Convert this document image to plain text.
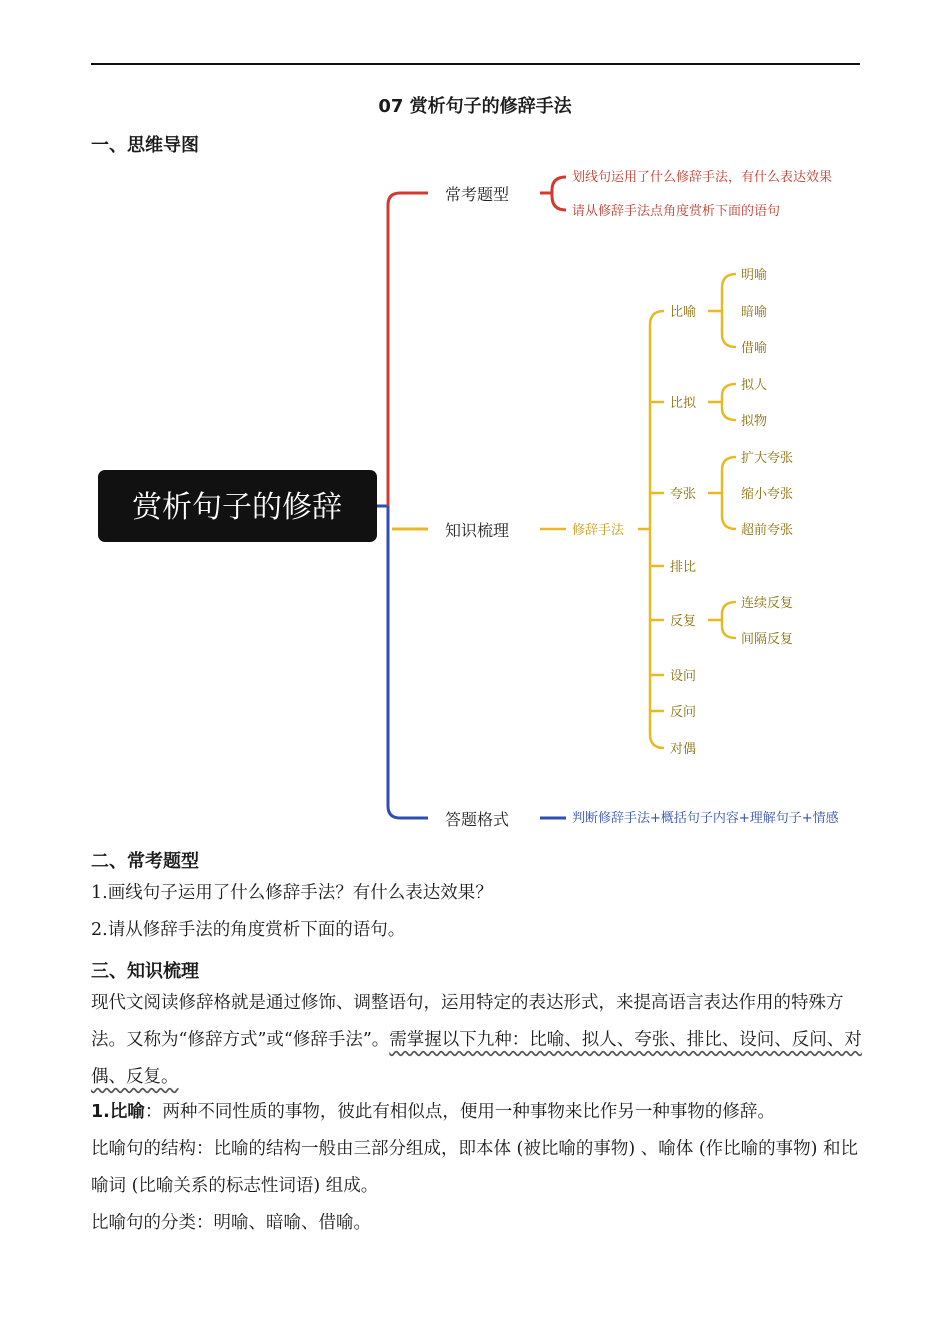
07 赏析句子的修辞手法
一、思维导图
赏析句子的修辞
常考题型
知识梳理
答题格式
划线句运用了什么修辞手法，有什么表达效果
请从修辞手法点角度赏析下面的语句
判断修辞手法+概括句子内容+理解句子+情感
修辞手法
比喻
比拟
夸张
排比
反复
设问
反问
对偶
明喻
暗喻
借喻
拟人
拟物
扩大夸张
缩小夸张
超前夸张
连续反复
间隔反复
二、常考题型
1.画线句子运用了什么修辞手法？有什么表达效果？
2.请从修辞手法的角度赏析下面的语句。
三、知识梳理
现代文阅读修辞格就是通过修饰、调整语句，运用特定的表达形式，来提高语言表达作用的特殊方法。又称为“修辞方式”或“修辞手法”。需掌握以下九种：比喻、拟人、夸张、排比、设问、反问、对偶、反复。
1.比喻：两种不同性质的事物，彼此有相似点，便用一种事物来比作另一种事物的修辞。
比喻句的结构：比喻的结构一般由三部分组成，即本体 (被比喻的事物) 、喻体 (作比喻的事物) 和比喻词 (比喻关系的标志性词语) 组成。
比喻句的分类：明喻、暗喻、借喻。
